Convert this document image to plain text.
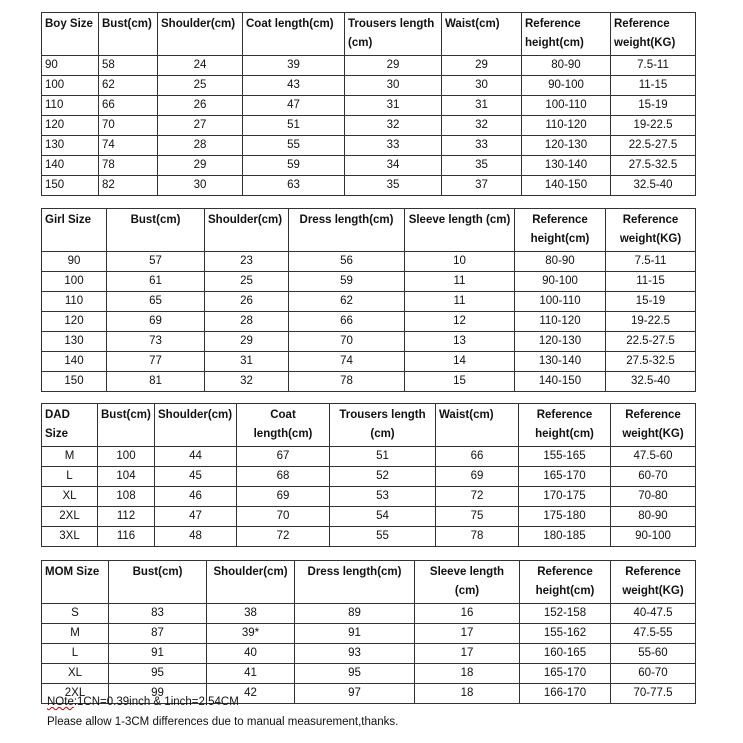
Boy Size	Bust(cm)	Shoulder(cm)	Coat length(cm)	Trousers length (cm)	Waist(cm)	Reference height(cm)	Reference weight(KG)
90	58	24	39	29	29	80-90	7.5-11
100	62	25	43	30	30	90-100	11-15
110	66	26	47	31	31	100-110	15-19
120	70	27	51	32	32	110-120	19-22.5
130	74	28	55	33	33	120-130	22.5-27.5
140	78	29	59	34	35	130-140	27.5-32.5
150	82	30	63	35	37	140-150	32.5-40
Girl Size	Bust(cm)	Shoulder(cm)	Dress length(cm)	Sleeve length (cm)	Reference height(cm)	Reference weight(KG)
90	57	23	56	10	80-90	7.5-11
100	61	25	59	11	90-100	11-15
110	65	26	62	11	100-110	15-19
120	69	28	66	12	110-120	19-22.5
130	73	29	70	13	120-130	22.5-27.5
140	77	31	74	14	130-140	27.5-32.5
150	81	32	78	15	140-150	32.5-40
DAD Size	Bust(cm)	Shoulder(cm)	Coat length(cm)	Trousers length (cm)	Waist(cm)	Reference height(cm)	Reference weight(KG)
M	100	44	67	51	66	155-165	47.5-60
L	104	45	68	52	69	165-170	60-70
XL	108	46	69	53	72	170-175	70-80
2XL	112	47	70	54	75	175-180	80-90
3XL	116	48	72	55	78	180-185	90-100
MOM Size	Bust(cm)	Shoulder(cm)	Dress length(cm)	Sleeve length (cm)	Reference height(cm)	Reference weight(KG)
S	83	38	89	16	152-158	40-47.5
M	87	39*	91	17	155-162	47.5-55
L	91	40	93	17	160-165	55-60
XL	95	41	95	18	165-170	60-70
2XL	99	42	97	18	166-170	70-77.5
NOte:1CN=0.39inch & 1inch=2.54CM
Please allow 1-3CM differences due to manual measurement,thanks.
